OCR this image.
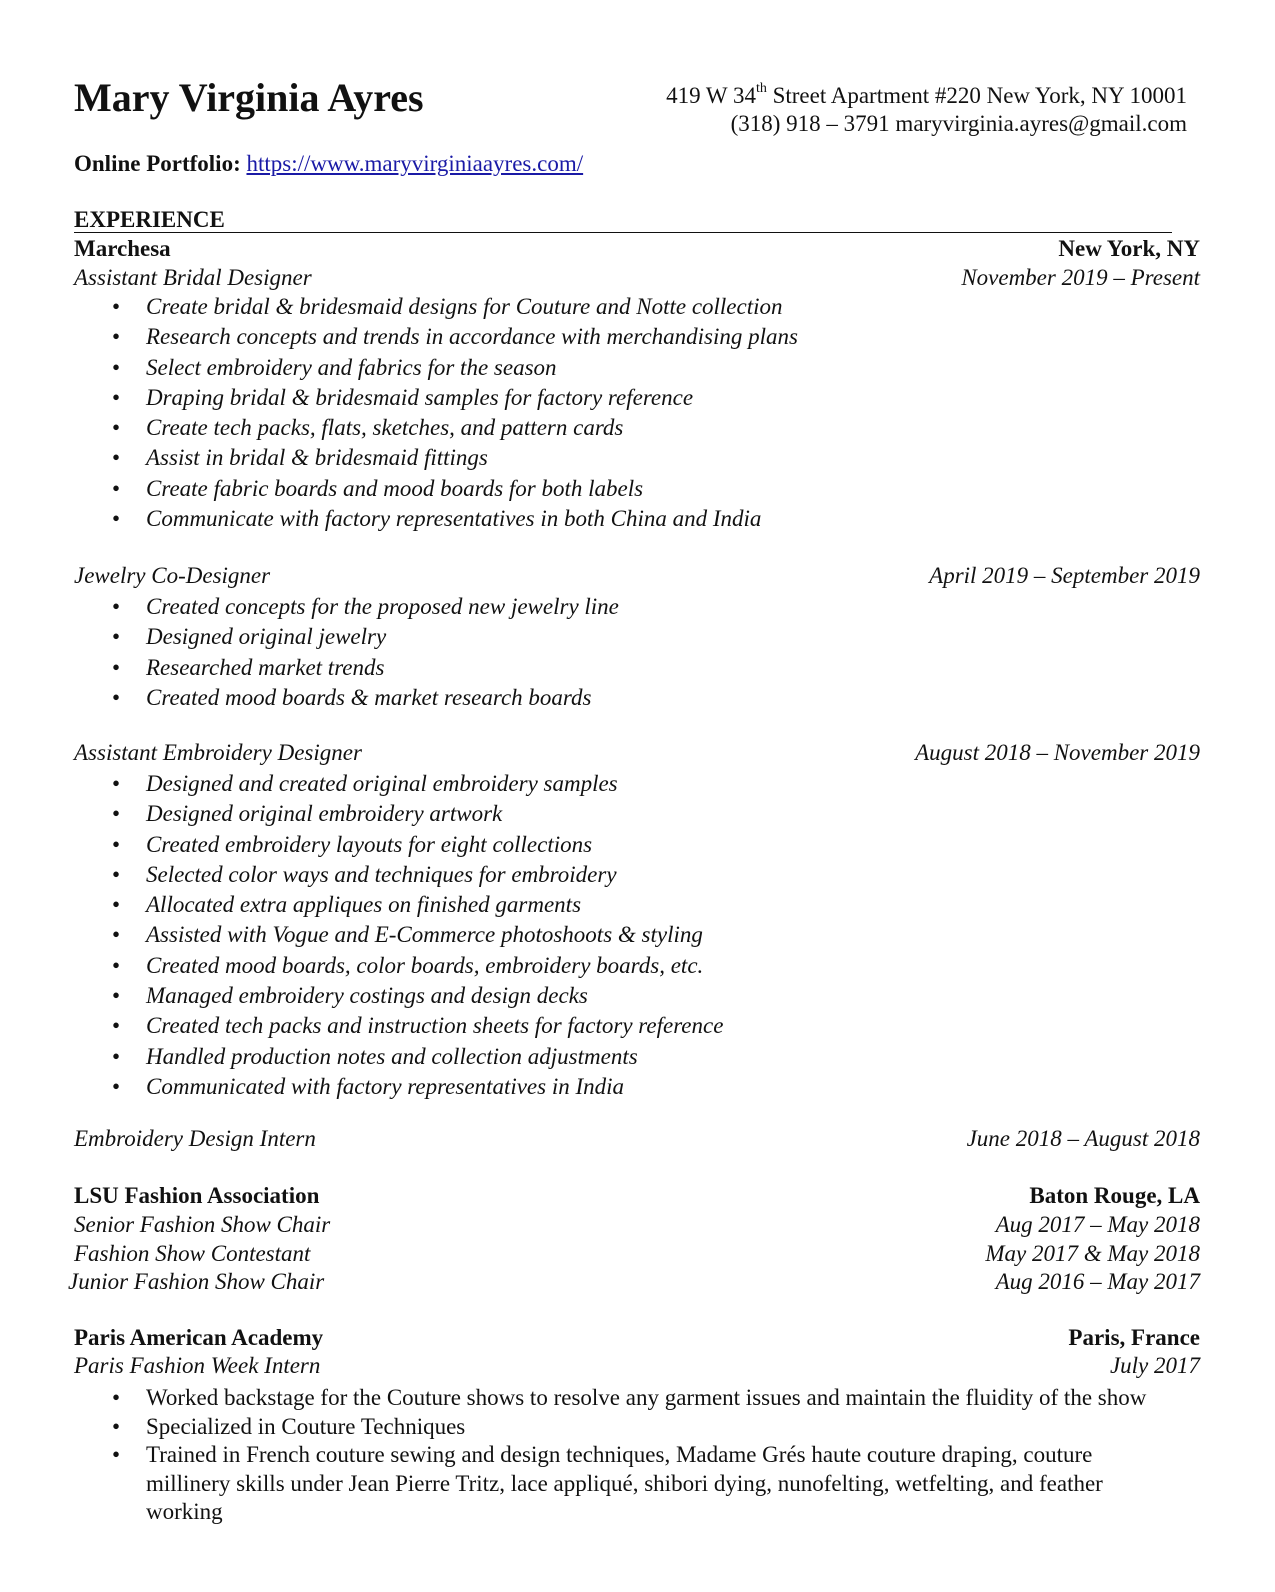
Mary Virginia Ayres	419 W 34th Street Apartment #220 New York, NY 10001
(318) 918 – 3791 maryvirginia.ayres@gmail.com
Online Portfolio: https://www.maryvirginiaayres.com/
EXPERIENCE
Marchesa	New York, NY
Assistant Bridal Designer	November 2019 – Present
• Create bridal & bridesmaid designs for Couture and Notte collection
• Research concepts and trends in accordance with merchandising plans
• Select embroidery and fabrics for the season
• Draping bridal & bridesmaid samples for factory reference
• Create tech packs, flats, sketches, and pattern cards
• Assist in bridal & bridesmaid fittings
• Create fabric boards and mood boards for both labels
• Communicate with factory representatives in both China and India
Jewelry Co-Designer	April 2019 – September 2019
• Created concepts for the proposed new jewelry line
• Designed original jewelry
• Researched market trends
• Created mood boards & market research boards
Assistant Embroidery Designer	August 2018 – November 2019
• Designed and created original embroidery samples
• Designed original embroidery artwork
• Created embroidery layouts for eight collections
• Selected color ways and techniques for embroidery
• Allocated extra appliques on finished garments
• Assisted with Vogue and E-Commerce photoshoots & styling
• Created mood boards, color boards, embroidery boards, etc.
• Managed embroidery costings and design decks
• Created tech packs and instruction sheets for factory reference
• Handled production notes and collection adjustments
• Communicated with factory representatives in India
Embroidery Design Intern	June 2018 – August 2018
LSU Fashion Association	Baton Rouge, LA
Senior Fashion Show Chair	Aug 2017 – May 2018
Fashion Show Contestant	May 2017 & May 2018
Junior Fashion Show Chair	Aug 2016 – May 2017
Paris American Academy	Paris, France
Paris Fashion Week Intern	July 2017
• Worked backstage for the Couture shows to resolve any garment issues and maintain the fluidity of the show
• Specialized in Couture Techniques
• Trained in French couture sewing and design techniques, Madame Grés haute couture draping, couture millinery skills under Jean Pierre Tritz, lace appliqué, shibori dying, nunofelting, wetfelting, and feather working
